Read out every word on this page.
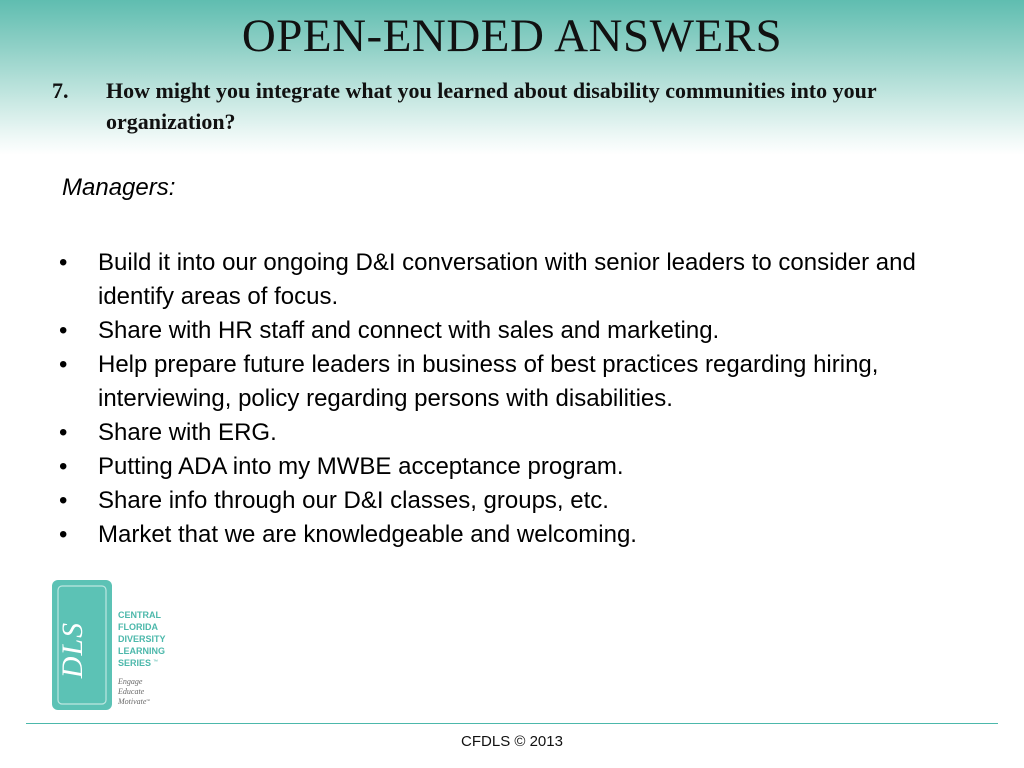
OPEN-ENDED ANSWERS
7. How might you integrate what you learned about disability communities into your organization?
Managers:
• Build it into our ongoing D&I conversation with senior leaders to consider and identify areas of focus.
• Share with HR staff and connect with sales and marketing.
• Help prepare future leaders in business of best practices regarding hiring, interviewing, policy regarding persons with disabilities.
• Share with ERG.
• Putting ADA into my MWBE acceptance program.
• Share info through our D&I classes, groups, etc.
• Market that we are knowledgeable and welcoming.
DLS
CENTRAL
FLORIDA
DIVERSITY
LEARNING
SERIES ™
Engage
Educate
Motivate ™
CFDLS © 2013
